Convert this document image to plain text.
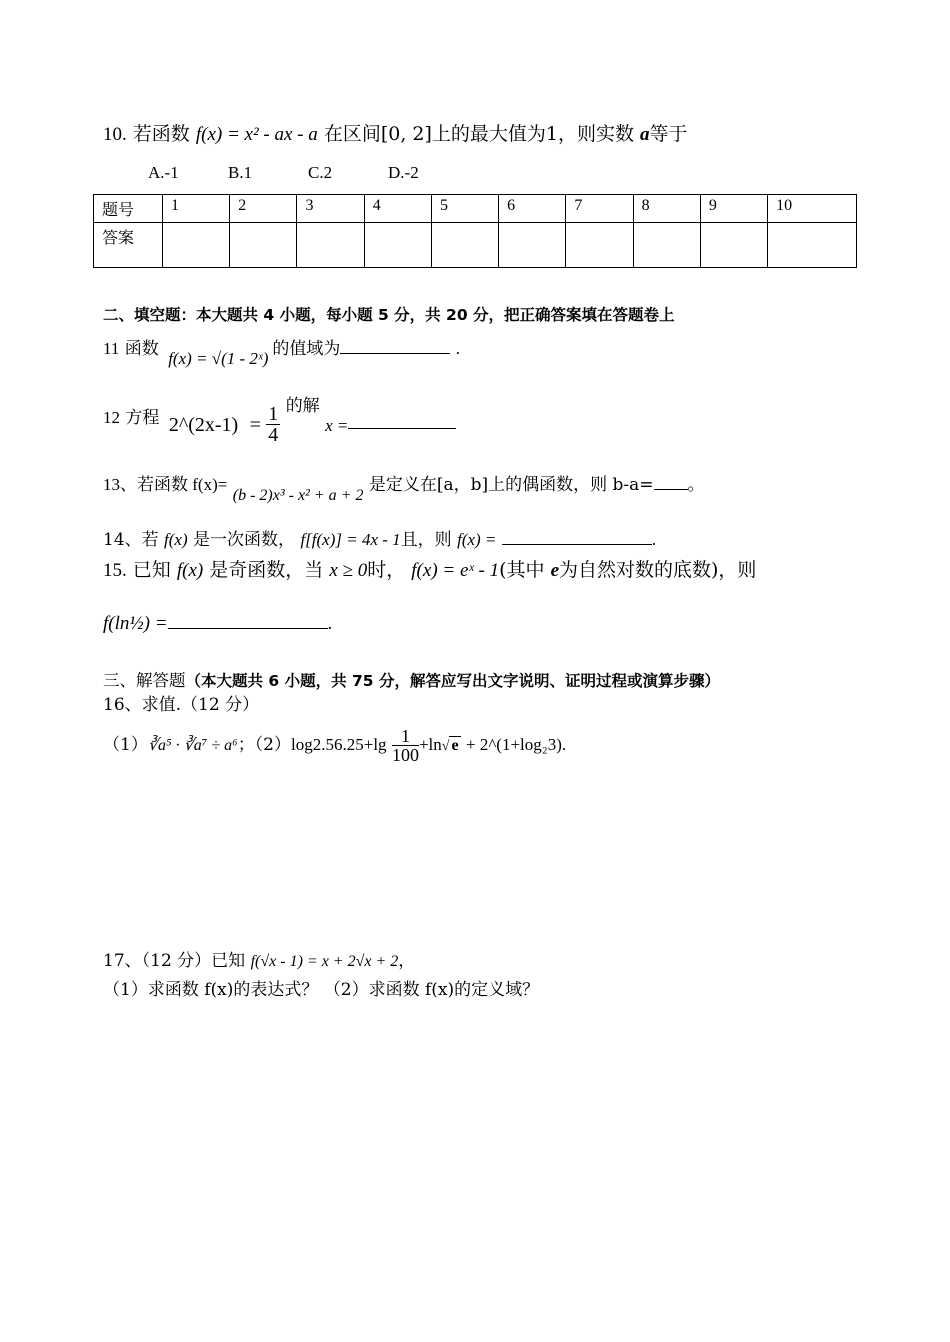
10. 若函数 f(x) = x² - ax - a 在区间[0, 2]上的最大值为1，则实数 a等于
A.-1	B.1	C.2	D.-2
题号	1	2	3	4	5	6	7	8	9	10
答案										
二、填空题：本大题共 4 小题，每小题 5 分，共 20 分，把正确答案填在答题卷上
11 函数 f(x) = √(1 - 2ˣ) 的值域为	.
12 方程 2^(2x-1) = $\frac{1}{4}$ 的解 x =
13、若函数 f(x)= (b - 2)x³ - x² + a + 2 是定义在[a，b]上的偶函数，则 b-a= 。
14、若 f(x) 是一次函数， f[f(x)] = 4x - 1且，则 f(x) =	.
15. 已知 f(x) 是奇函数，当 x ≥ 0时， f(x) = eˣ - 1(其中 e为自然对数的底数)，则
f(ln½) =	.
三、解答题（本大题共 6 小题，共 75 分，解答应写出文字说明、证明过程或演算步骤）
16、求值.（12 分）
（1）∛a⁵ · ∛a⁷ ÷ a⁶；$(2)\log 2.56.25+\lg \frac{1}{100} +\ln√$ e + 2^(1+log₂3).
17、（12 分）已知 f(√x - 1) = x + 2√x + 2，
（1）求函数 f(x)的表达式？ （2）求函数 f(x)的定义域？
